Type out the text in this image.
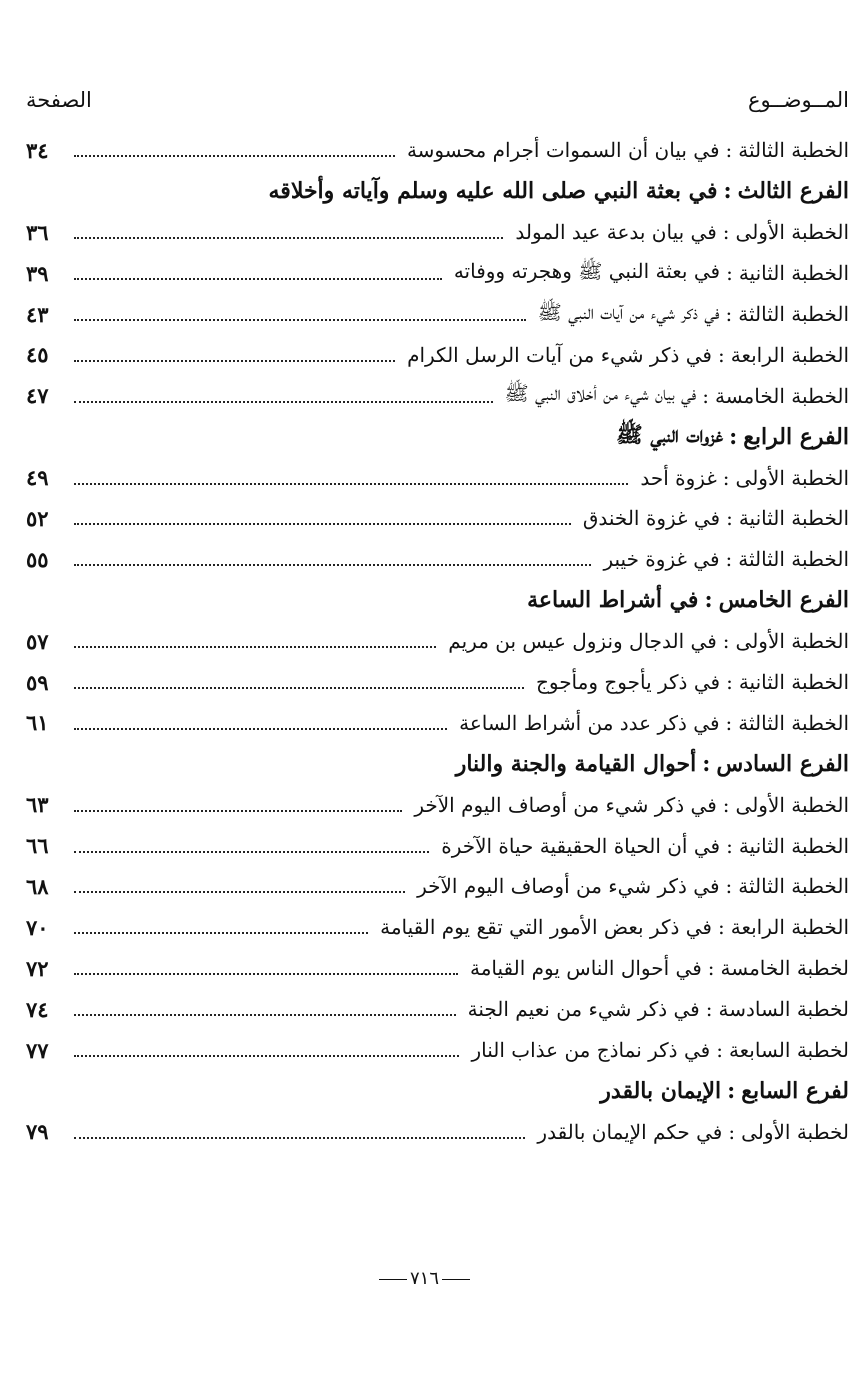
المــوضــوع
الصفحة
الخطبة الثالثة
:
في بيان أن السموات أجرام محسوسة
٣٤
الفرع الثالث
:
في بعثة النبي صلى الله عليه وسلم وآياته وأخلاقه
الخطبة الأولى
:
في بيان بدعة عيد المولد
٣٦
الخطبة الثانية
:
في بعثة النبي ﷺ وهجرته ووفاته
٣٩
الخطبة الثالثة
:
في ذكر شيء من آيات النبي ﷺ
٤٣
الخطبة الرابعة
:
في ذكر شيء من آيات الرسل الكرام
٤٥
الخطبة الخامسة
:
في بيان شيء من أخلاق النبي ﷺ
٤٧
الفرع الرابع
:
غزوات النبي ﷺ
الخطبة الأولى
:
غزوة أحد
٤٩
الخطبة الثانية
:
في غزوة الخندق
٥٢
الخطبة الثالثة
:
في غزوة خيبر
٥٥
الفرع الخامس
:
في أشراط الساعة
الخطبة الأولى
:
في الدجال ونزول عيس بن مريم
٥٧
الخطبة الثانية
:
في ذكر يأجوج ومأجوج
٥٩
الخطبة الثالثة
:
في ذكر عدد من أشراط الساعة
٦١
الفرع السادس
:
أحوال القيامة والجنة والنار
الخطبة الأولى
:
في ذكر شيء من أوصاف اليوم الآخر
٦٣
الخطبة الثانية
:
في أن الحياة الحقيقية حياة الآخرة
٦٦
الخطبة الثالثة
:
في ذكر شيء من أوصاف اليوم الآخر
٦٨
الخطبة الرابعة
:
في ذكر بعض الأمور التي تقع يوم القيامة
٧٠
لخطبة الخامسة
:
في أحوال الناس يوم القيامة
٧٢
لخطبة السادسة
:
في ذكر شيء من نعيم الجنة
٧٤
لخطبة السابعة
:
في ذكر نماذج من عذاب النار
٧٧
لفرع السابع
:
الإيمان بالقدر
لخطبة الأولى
:
في حكم الإيمان بالقدر
٧٩
٧١٦
